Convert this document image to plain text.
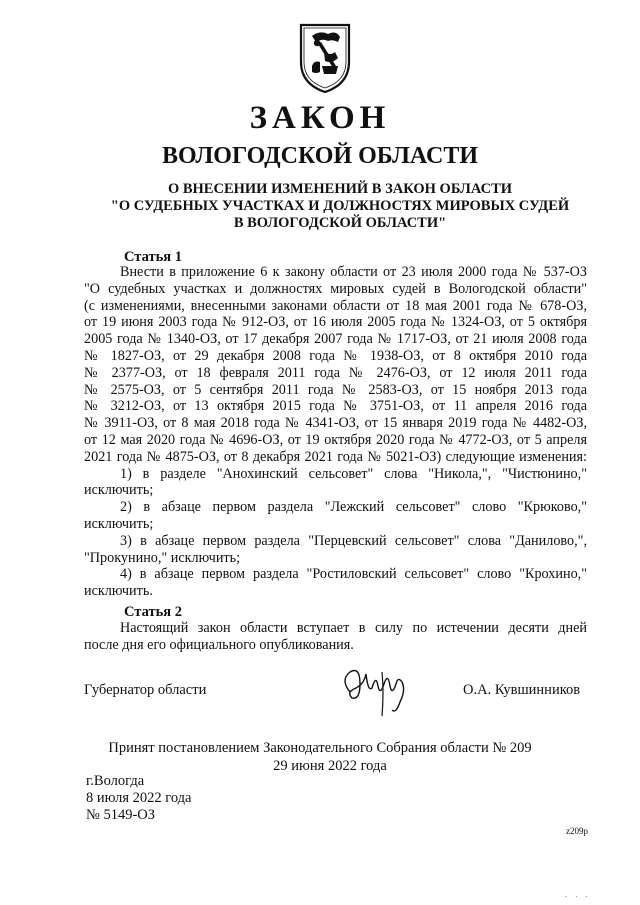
ЗАКОН
ВОЛОГОДСКОЙ ОБЛАСТИ
О ВНЕСЕНИИ ИЗМЕНЕНИЙ В ЗАКОН ОБЛАСТИ
"О СУДЕБНЫХ УЧАСТКАХ И ДОЛЖНОСТЯХ МИРОВЫХ СУДЕЙ
В ВОЛОГОДСКОЙ ОБЛАСТИ"
Статья 1
Внести в приложение 6 к закону области от 23 июля 2000 года № 537-ОЗ
"О судебных участках и должностях мировых судей в Вологодской области"
(с изменениями, внесенными законами области от 18 мая 2001 года № 678-ОЗ,
от 19 июня 2003 года № 912-ОЗ, от 16 июля 2005 года № 1324-ОЗ, от 5 октября
2005 года № 1340-ОЗ, от 17 декабря 2007 года № 1717-ОЗ, от 21 июля 2008 года
№ 1827-ОЗ, от 29 декабря 2008 года № 1938-ОЗ, от 8 октября 2010 года
№ 2377-ОЗ, от 18 февраля 2011 года № 2476-ОЗ, от 12 июля 2011 года
№ 2575-ОЗ, от 5 сентября 2011 года № 2583-ОЗ, от 15 ноября 2013 года
№ 3212-ОЗ, от 13 октября 2015 года № 3751-ОЗ, от 11 апреля 2016 года
№ 3911-ОЗ, от 8 мая 2018 года № 4341-ОЗ, от 15 января 2019 года № 4482-ОЗ,
от 12 мая 2020 года № 4696-ОЗ, от 19 октября 2020 года № 4772-ОЗ, от 5 апреля
2021 года № 4875-ОЗ, от 8 декабря 2021 года № 5021-ОЗ) следующие изменения:
1) в разделе "Анохинский сельсовет" слова "Никола,", "Чистюнино,"
исключить;
2) в абзаце первом раздела "Лежский сельсовет" слово "Крюково,"
исключить;
3) в абзаце первом раздела "Перцевский сельсовет" слова "Данилово,",
"Прокунино," исключить;
4) в абзаце первом раздела "Ростиловский сельсовет" слово "Крохино,"
исключить.
Статья 2
Настоящий закон области вступает в силу по истечении десяти дней
после дня его официального опубликования.
Губернатор области	О.А. Кувшинников
Принят постановлением Законодательного Собрания области № 209
29 июня 2022 года
г.Вологда
8 июля 2022 года
№ 5149-ОЗ
z209р
· · ·
